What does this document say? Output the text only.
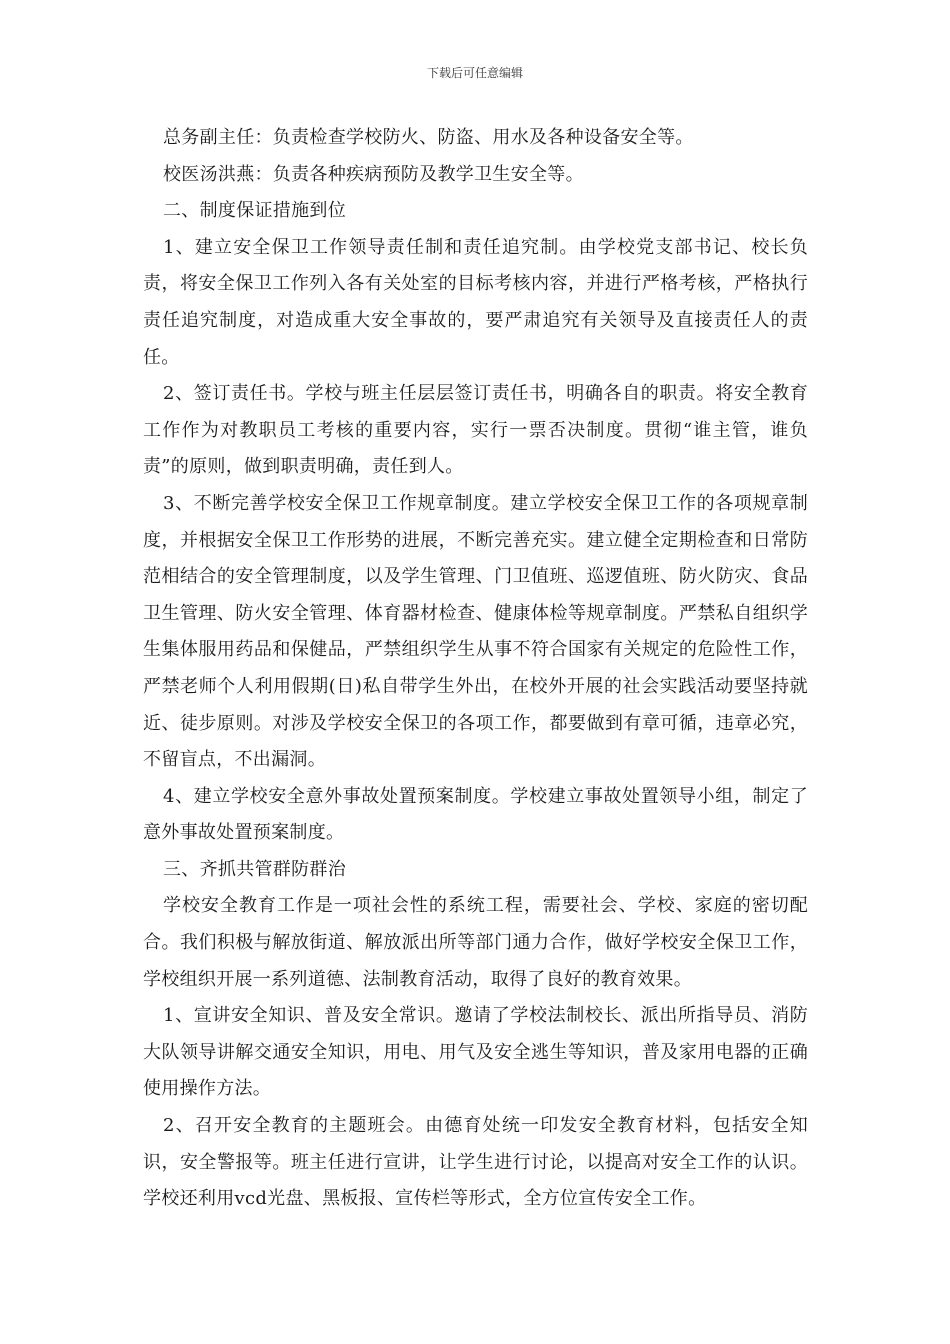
下载后可任意编辑

总务副主任：负责检查学校防火、防盗、用水及各种设备安全等。

校医汤洪燕：负责各种疾病预防及教学卫生安全等。

二、制度保证措施到位

1、建立安全保卫工作领导责任制和责任追究制。由学校党支部书记、校长负责，将安全保卫工作列入各有关处室的目标考核内容，并进行严格考核，严格执行责任追究制度，对造成重大安全事故的，要严肃追究有关领导及直接责任人的责任。

2、签订责任书。学校与班主任层层签订责任书，明确各自的职责。将安全教育工作作为对教职员工考核的重要内容，实行一票否决制度。贯彻“谁主管，谁负责”的原则，做到职责明确，责任到人。

3、不断完善学校安全保卫工作规章制度。建立学校安全保卫工作的各项规章制度，并根据安全保卫工作形势的进展，不断完善充实。建立健全定期检查和日常防范相结合的安全管理制度，以及学生管理、门卫值班、巡逻值班、防火防灾、食品卫生管理、防火安全管理、体育器材检查、健康体检等规章制度。严禁私自组织学生集体服用药品和保健品，严禁组织学生从事不符合国家有关规定的危险性工作，严禁老师个人利用假期(日)私自带学生外出，在校外开展的社会实践活动要坚持就近、徒步原则。对涉及学校安全保卫的各项工作，都要做到有章可循，违章必究，不留盲点，不出漏洞。

4、建立学校安全意外事故处置预案制度。学校建立事故处置领导小组，制定了意外事故处置预案制度。

三、齐抓共管群防群治

学校安全教育工作是一项社会性的系统工程，需要社会、学校、家庭的密切配合。我们积极与解放街道、解放派出所等部门通力合作，做好学校安全保卫工作，学校组织开展一系列道德、法制教育活动，取得了良好的教育效果。

1、宣讲安全知识、普及安全常识。邀请了学校法制校长、派出所指导员、消防大队领导讲解交通安全知识，用电、用气及安全逃生等知识，普及家用电器的正确使用操作方法。

2、召开安全教育的主题班会。由德育处统一印发安全教育材料，包括安全知识，安全警报等。班主任进行宣讲，让学生进行讨论，以提高对安全工作的认识。学校还利用vcd光盘、黑板报、宣传栏等形式，全方位宣传安全工作。
